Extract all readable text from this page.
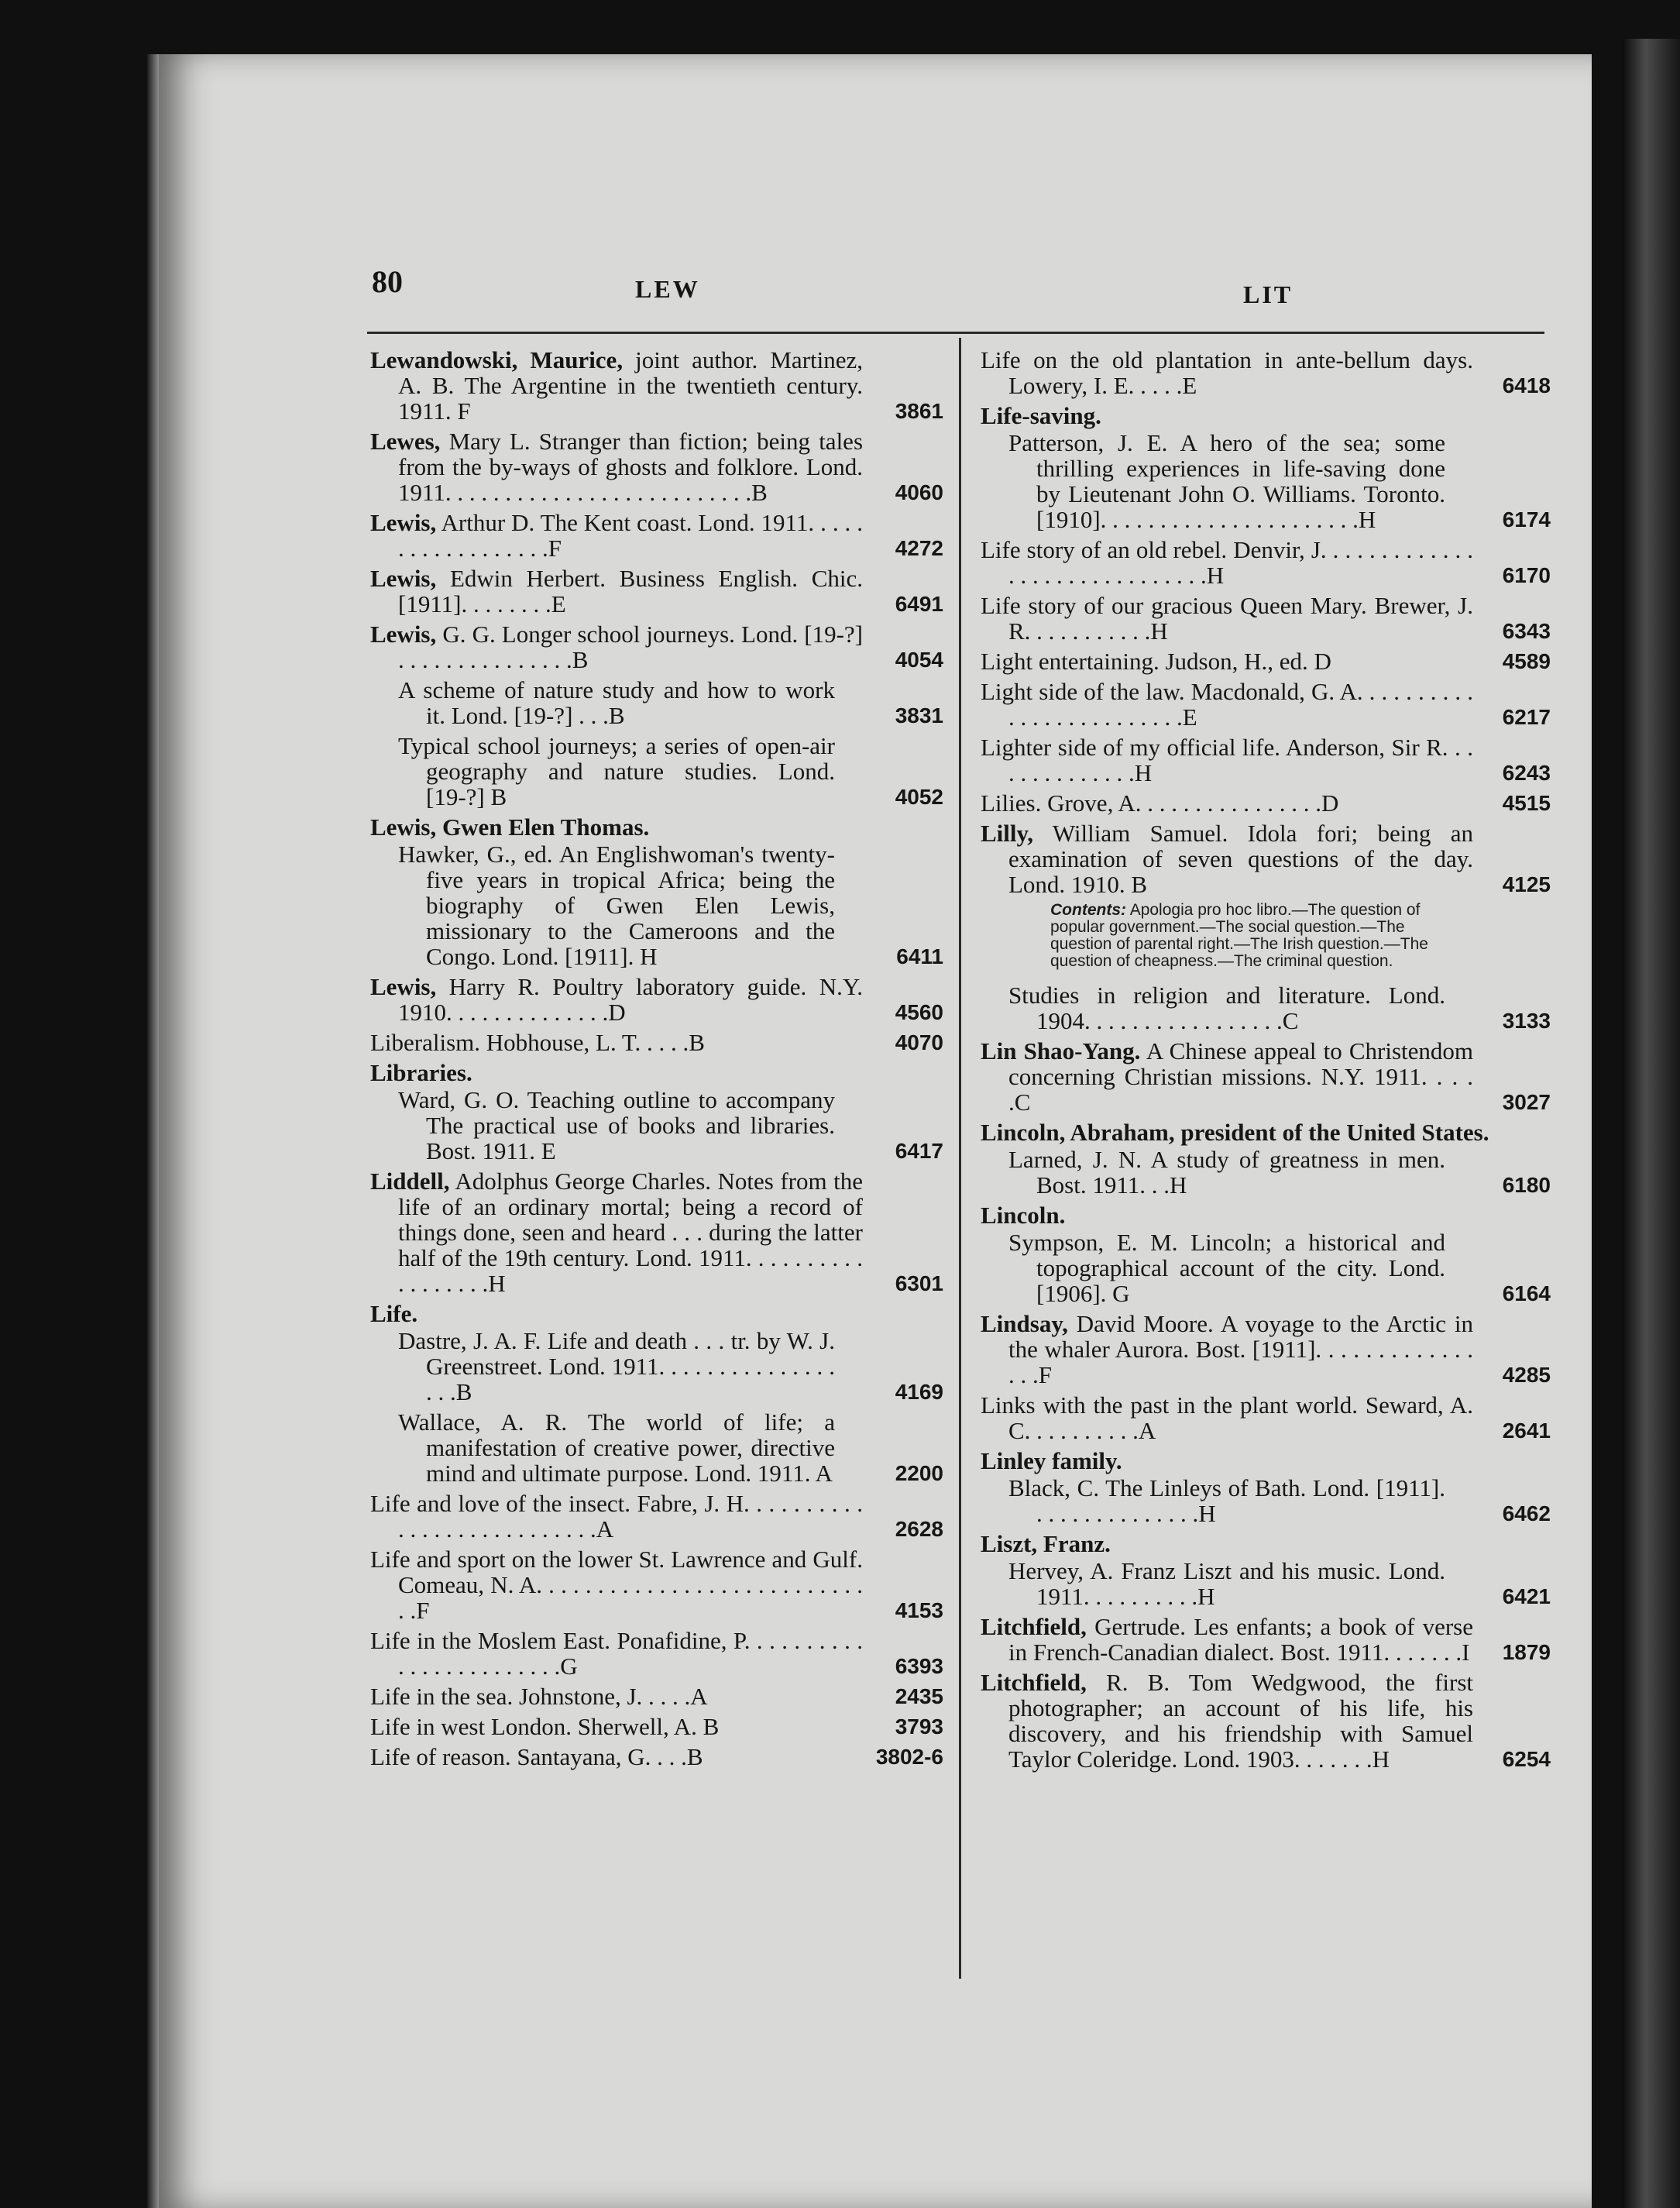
80	LEW	LIT
Lewandowski, Maurice, joint author. Martinez, A. B. The Argentine in the twentieth century. 1911. F	3861
Lewes, Mary L. Stranger than fiction; being tales from the by-ways of ghosts and folklore. Lond. 1911. . . . . . . . . . . . . . . . . . . . . . . . . .B	4060
Lewis, Arthur D. The Kent coast. Lond. 1911. . . . . . . . . . . . . . . . . .F	4272
Lewis, Edwin Herbert. Business English. Chic. [1911]. . . . . . . .E	6491
Lewis, G. G. Longer school journeys. Lond. [19-?] . . . . . . . . . . . . . . .B	4054
A scheme of nature study and how to work it. Lond. [19-?] . . .B	3831
Typical school journeys; a series of open-air geography and nature studies. Lond. [19-?] B	4052
Lewis, Gwen Elen Thomas.
Hawker, G., ed. An Englishwoman's twenty-five years in tropical Africa; being the biography of Gwen Elen Lewis, missionary to the Cameroons and the Congo. Lond. [1911]. H	6411
Lewis, Harry R. Poultry laboratory guide. N.Y. 1910. . . . . . . . . . . . . .D	4560
Liberalism. Hobhouse, L. T. . . . .B	4070
Libraries.
Ward, G. O. Teaching outline to accompany The practical use of books and libraries. Bost. 1911. E	6417
Liddell, Adolphus George Charles. Notes from the life of an ordinary mortal; being a record of things done, seen and heard . . . during the latter half of the 19th century. Lond. 1911. . . . . . . . . . . . . . . . . .H	6301
Life.
Dastre, J. A. F. Life and death . . . tr. by W. J. Greenstreet. Lond. 1911. . . . . . . . . . . . . . . . . .B	4169
Wallace, A. R. The world of life; a manifestation of creative power, directive mind and ultimate purpose. Lond. 1911. A	2200
Life and love of the insect. Fabre, J. H. . . . . . . . . . . . . . . . . . . . . . . . . . .A	2628
Life and sport on the lower St. Lawrence and Gulf. Comeau, N. A. . . . . . . . . . . . . . . . . . . . . . . . . . . . .F	4153
Life in the Moslem East. Ponafidine, P. . . . . . . . . . . . . . . . . . . . . . . .G	6393
Life in the sea. Johnstone, J. . . . .A	2435
Life in west London. Sherwell, A. B	3793
Life of reason. Santayana, G. . . .B	3802-6
Life on the old plantation in ante-bellum days. Lowery, I. E. . . . .E	6418
Life-saving.
Patterson, J. E. A hero of the sea; some thrilling experiences in life-saving done by Lieutenant John O. Williams. Toronto. [1910]. . . . . . . . . . . . . . . . . . . . . .H	6174
Life story of an old rebel. Denvir, J. . . . . . . . . . . . . . . . . . . . . . . . . . . . . .H	6170
Life story of our gracious Queen Mary. Brewer, J. R. . . . . . . . . . .H	6343
Light entertaining. Judson, H., ed. D	4589
Light side of the law. Macdonald, G. A. . . . . . . . . . . . . . . . . . . . . . . . .E	6217
Lighter side of my official life. Anderson, Sir R. . . . . . . . . . . . . .H	6243
Lilies. Grove, A. . . . . . . . . . . . . . . .D	4515
Lilly, William Samuel. Idola fori; being an examination of seven questions of the day. Lond. 1910. B	4125
Contents: Apologia pro hoc libro.—The question of popular government.—The social question.—The question of parental right.—The Irish question.—The question of cheapness.—The criminal question.
Studies in religion and literature. Lond. 1904. . . . . . . . . . . . . . . . .C	3133
Lin Shao-Yang. A Chinese appeal to Christendom concerning Christian missions. N.Y. 1911. . . . .C	3027
Lincoln, Abraham, president of the United States.
Larned, J. N. A study of greatness in men. Bost. 1911. . .H	6180
Lincoln.
Sympson, E. M. Lincoln; a historical and topographical account of the city. Lond. [1906]. G	6164
Lindsay, David Moore. A voyage to the Arctic in the whaler Aurora. Bost. [1911]. . . . . . . . . . . . . . . .F	4285
Links with the past in the plant world. Seward, A. C. . . . . . . . . .A	2641
Linley family.
Black, C. The Linleys of Bath. Lond. [1911]. . . . . . . . . . . . . . .H	6462
Liszt, Franz.
Hervey, A. Franz Liszt and his music. Lond. 1911. . . . . . . . . .H	6421
Litchfield, Gertrude. Les enfants; a book of verse in French-Canadian dialect. Bost. 1911. . . . . . .I 1879
Litchfield, R. B. Tom Wedgwood, the first photographer; an account of his life, his discovery, and his friendship with Samuel Taylor Coleridge. Lond. 1903. . . . . . .H	6254
